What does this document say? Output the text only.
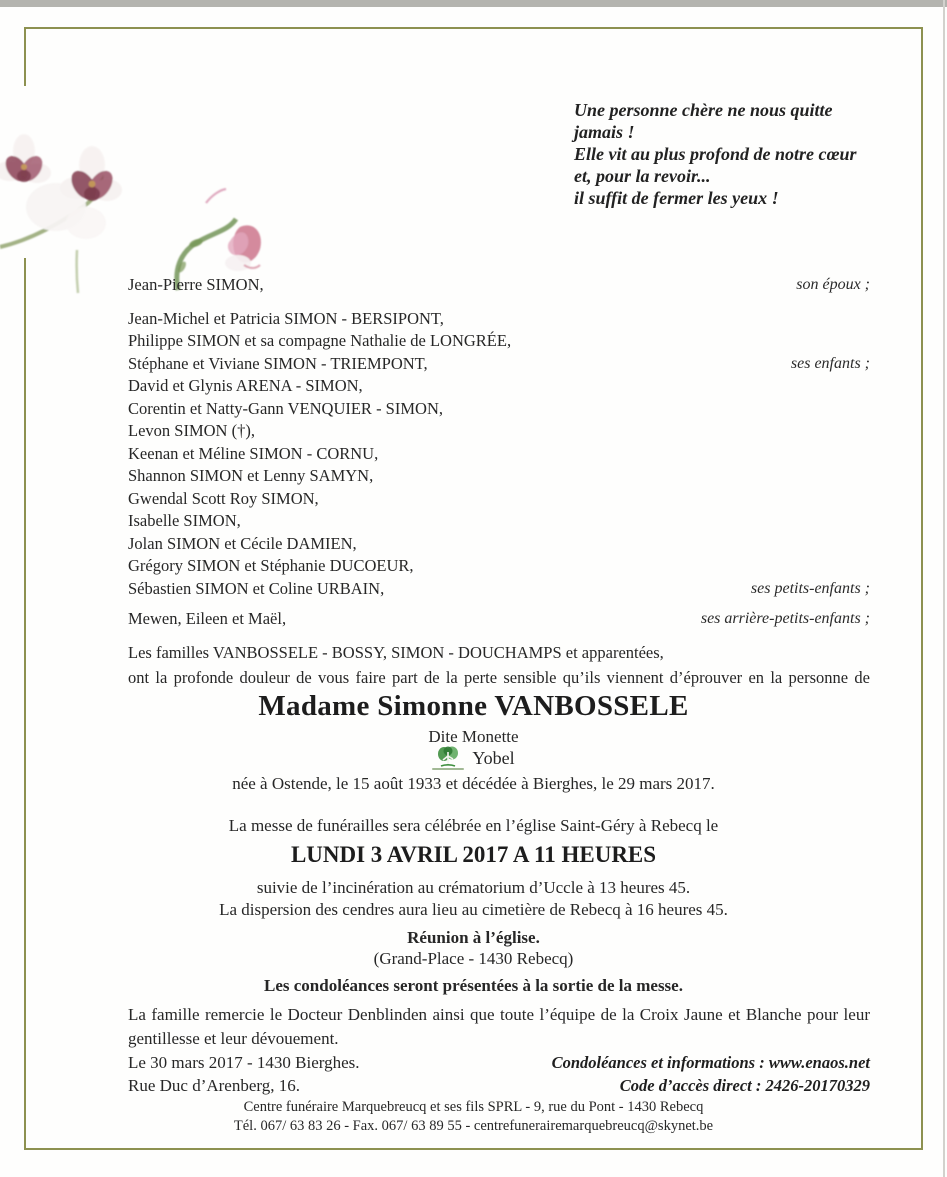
Une personne chère ne nous quitte jamais !
Elle vit au plus profond de notre cœur
et, pour la revoir...
il suffit de fermer les yeux !
Jean-Pierre SIMON,	son époux ;
Jean-Michel et Patricia SIMON - BERSIPONT,
Philippe SIMON et sa compagne Nathalie de LONGRÉE,
Stéphane et Viviane SIMON - TRIEMPONT,	ses enfants ;
David et Glynis ARENA - SIMON,
Corentin et Natty-Gann VENQUIER - SIMON,
Levon SIMON (†),
Keenan et Méline SIMON - CORNU,
Shannon SIMON et Lenny SAMYN,
Gwendal Scott Roy SIMON,
Isabelle SIMON,
Jolan SIMON et Cécile DAMIEN,
Grégory SIMON et Stéphanie DUCOEUR,
Sébastien SIMON et Coline URBAIN,	ses petits-enfants ;
Mewen, Eileen et Maël,	ses arrière-petits-enfants ;
Les familles VANBOSSELE - BOSSY, SIMON - DOUCHAMPS et apparentées,
ont la profonde douleur de vous faire part de la perte sensible qu’ils viennent d’éprouver en la personne de
Madame Simonne VANBOSSELE
Dite Monette
Yobel
née à Ostende, le 15 août 1933 et décédée à Bierghes, le 29 mars 2017.
La messe de funérailles sera célébrée en l’église Saint-Géry à Rebecq le
LUNDI 3 AVRIL 2017 A 11 HEURES
suivie de l’incinération au crématorium d’Uccle à 13 heures 45.
La dispersion des cendres aura lieu au cimetière de Rebecq à 16 heures 45.
Réunion à l’église.
(Grand-Place - 1430 Rebecq)
Les condoléances seront présentées à la sortie de la messe.
La famille remercie le Docteur Denblinden ainsi que toute l’équipe de la Croix Jaune et Blanche pour leur gentillesse et leur dévouement.
Le 30 mars 2017 - 1430 Bierghes.
Rue Duc d’Arenberg, 16.
Condoléances et informations : www.enaos.net
Code d’accès direct : 2426-20170329
Centre funéraire Marquebreucq et ses fils SPRL - 9, rue du Pont - 1430 Rebecq
Tél. 067/ 63 83 26 - Fax. 067/ 63 89 55 - centrefunerairemarquebreucq@skynet.be
